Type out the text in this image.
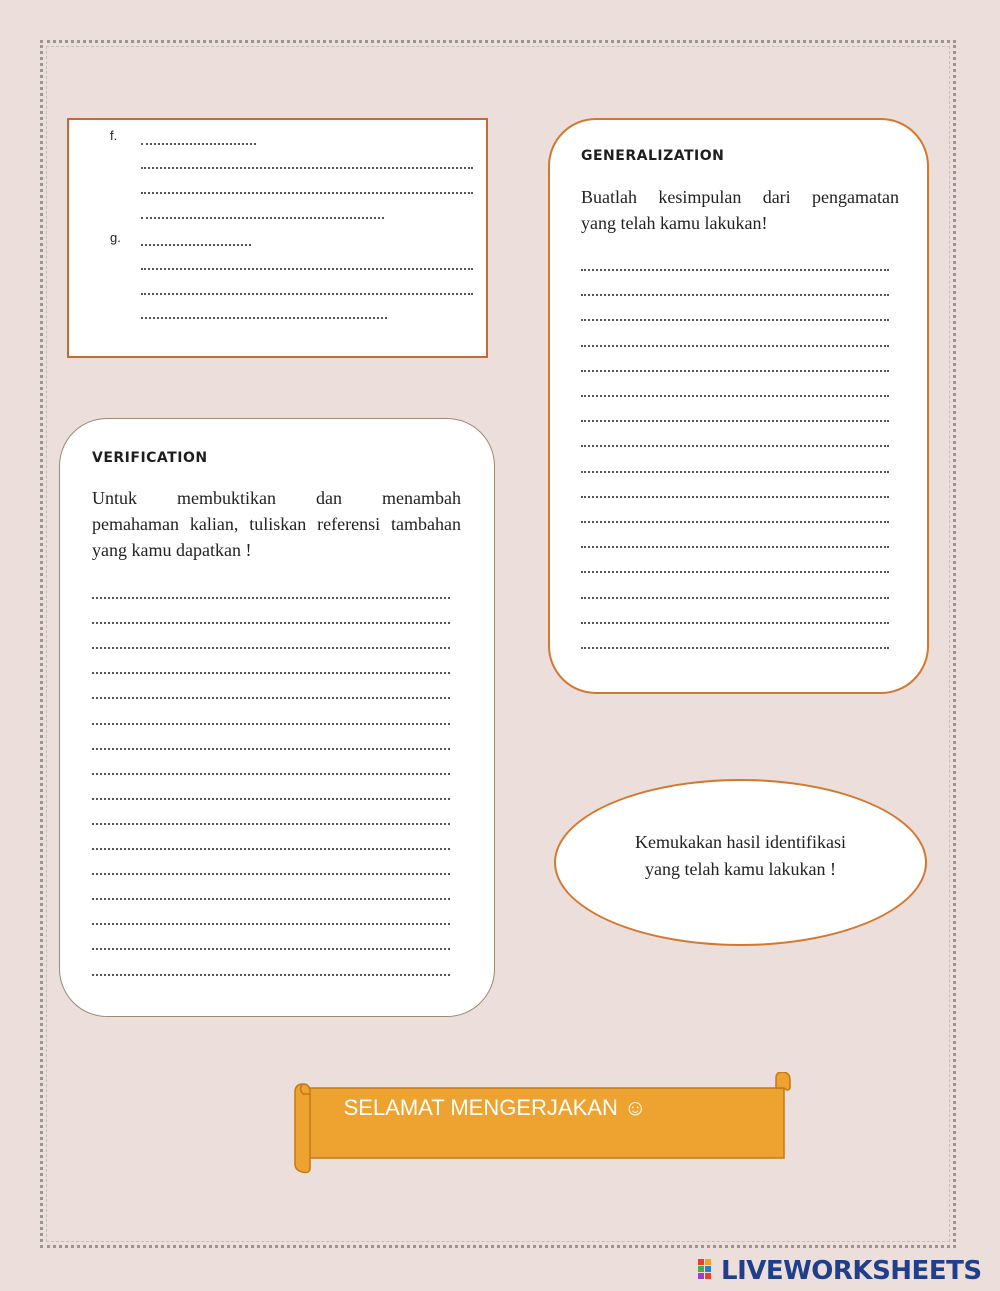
f.
g.
GENERALIZATION
Buatlah kesimpulan dari pengamatan
yang telah kamu lakukan!
VERIFICATION
Untuk membuktikan dan menambah
pemahaman kalian, tuliskan referensi tambahan
yang kamu dapatkan !
Kemukakan hasil identifikasi
yang telah kamu lakukan !
SELAMAT MENGERJAKAN ☺
LIVEWORKSHEETS
